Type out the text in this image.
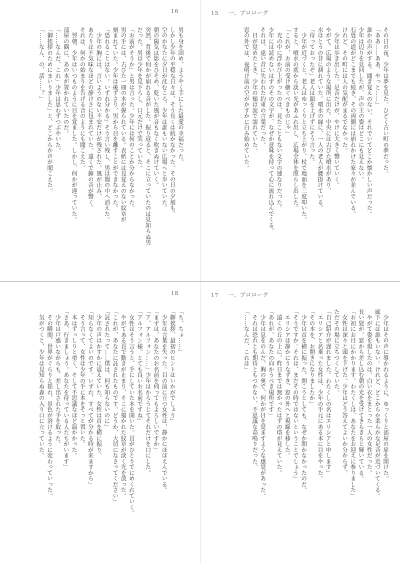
16
男も身を固め、ようやく手にした最愛の幸福だった。
しかし少年の平穏な日々は、そう長くは続かなかった。その日の夕刻も、
空のかなたに夕日が沈むころ、少年は誰もいない広場へと歩いていた。
朝の陽気は影をひそめ、乾いた風が音もなく吹きぬけていく。
突然、背後で何かが崩れる音がした。振り返ると、そこに立っていたのは見知らぬ男
だった。男は少年を見下ろし、口元だけで笑っていた。
「お前がそうか」と男は言った。少年には何のことか分からなかった。
男の手には、古びた一冊の本が握られている。表紙には見覚えのない紋章が
刻まれていた。少年は後ずさり、男から目を離すことができなかった。
「恐れることはない。いずれ分かる」そう言い残し、男は闇の中へ消えた。
　少年の胸には、言いようのない不安だけが残された。風が止み、
あたりは不気味なほどの静けさに包まれていた。遠くで鐘の音が響く。
それは、何かの始まりを告げる音のようにも聞こえた。
　翌朝、少年はいつものように目を覚ました。しかし、何かが違っていた。
部屋の隅に、あの本が置かれていたのだ。
「……なんだ、これ」少年は思わずつぶやいた。
「御挨拶のためにまいりました」と、どこからか声が聞こえた。
「……なん、の、話……？」
15 一、プロローグ
その日の夜、少年は夢を見た。ひどく古い町の夢だった。
「ああ……ああ、やっと……」
誰かの声がする。聞き覚えのない、それでいてどこか懐かしい声だった。
少年は辺りを見回したが、声の主の姿はどこにも見えない。
石畳の道がどこまでも続き、その両側には崩れかけた家々が並んでいる。
けれど、その町には人の気配がまるでなかった。
　少年は歩き出した。足音だけが、やけに大きく響いていく。
やがて、広場のような場所に出た。中央には古びた噴水があり、
水はとうの昔に涸れていた。噴水の縁に、一人の老人が腰掛けている。
「待っておったぞ」老人は顔を上げずにそう言った。
　少年が近づくと、老人はゆっくりと立ち上がり、杖で地面を二度叩いた。
すると、噴水の底から淡い光があふれ出し、広場全体を照らし出した。
「これが、お前の受け継ぐべきものじゃ」
　光の中に浮かび上がったのは、見たこともない文字の連なりだった。
少年には読めないはずのその文字が、なぜか意味を持って心に流れ込んでくる。
それは、遠い昔に失われた約束の言葉だった。
　目が覚めたとき、少年の頬は涙で濡れていた。
窓の外では、夜明け前の空がかすかに白み始めていた。
18
「ち、ちょ……」
「御挨拶、最初のヒントはいかがでしょう」
　少年は言葉を失った。目の前に立つ女性は、静かにほほえんでいる。
「まずは、あなたのお名前を伺ってもよろしいですか」
「ア、アルフォン……」少年はかろうじてそれだけを口にした。
「アルフォン様。とても良いお名前ですね」
　女性はそう言うと、手にしていた本を開いた。頁がひとりでにめくれていく。
　やがてある頁で動きが止まり、そこに描かれた紋章が淡く光を放った。
「これが、あなたに託されたものです。どうか、大切になさってください」
「託されたって……僕は、何も知らないのに」
　少年の声はかすかに震えていた。女性は首を横に振り、
「知らなくてよいのです。いずれ、すべてが分かる時が来ますから」
　そう言って、女性は少年の手に本をそっと置いた。
　本はずっしりと重く、そして不思議なほど温かかった。
「さあ、行きましょう。あなたを待っている人たちがいます」
　少年は戸惑いながらも、差し出された手を取った。
　その瞬間、世界がぐらりと揺れ、景色が溶けるように変わっていった。
　気がつくと、少年は見知らぬ森の入り口に立っていた。
17 一、プロローグ
　少年はその声に導かれるように、ゆっくりと部屋の扉を開けた。
廊下には誰もいない。けれど、どこからか柔らかな足音が近づいてくる。
　やがて姿を現したのは、白い衣をまとった一人の女性だった。
長い髪が、窓から差し込む朝の光を受けてきらきらと輝いている。
「お初にお目にかかります。わたくしは、あなたをお迎えに参りました」
　女性は深々と頭を下げた。少年はどう答えてよいか分からず、
ただその場に立ちつくしていた。
「自己紹介が遅れました。わたくしの名はエリシアと申します」
　エリシアと名乗った女性は、少年の手元にある本に目をやった。
「その本を、お開きになりましたか」
　少年は首を横に振った。開こうとしても、なぜか開かなかったのだ。
「そうですか。それは、まだその時ではないということでしょう」
　エリシアは静かにうなずき、窓の外へと視線を移した。
　遠くの丘の上に、昨日までは無かったはずの塔が見えていた。
「あれが、あなたの向かうべき場所です」
　少年は息をのんだ。胸の奥で、何かが目を覚ますような感覚があった。
　それは恐れとも期待ともつかない、不思議な高鳴りだった。
「……なんだ、これは」
